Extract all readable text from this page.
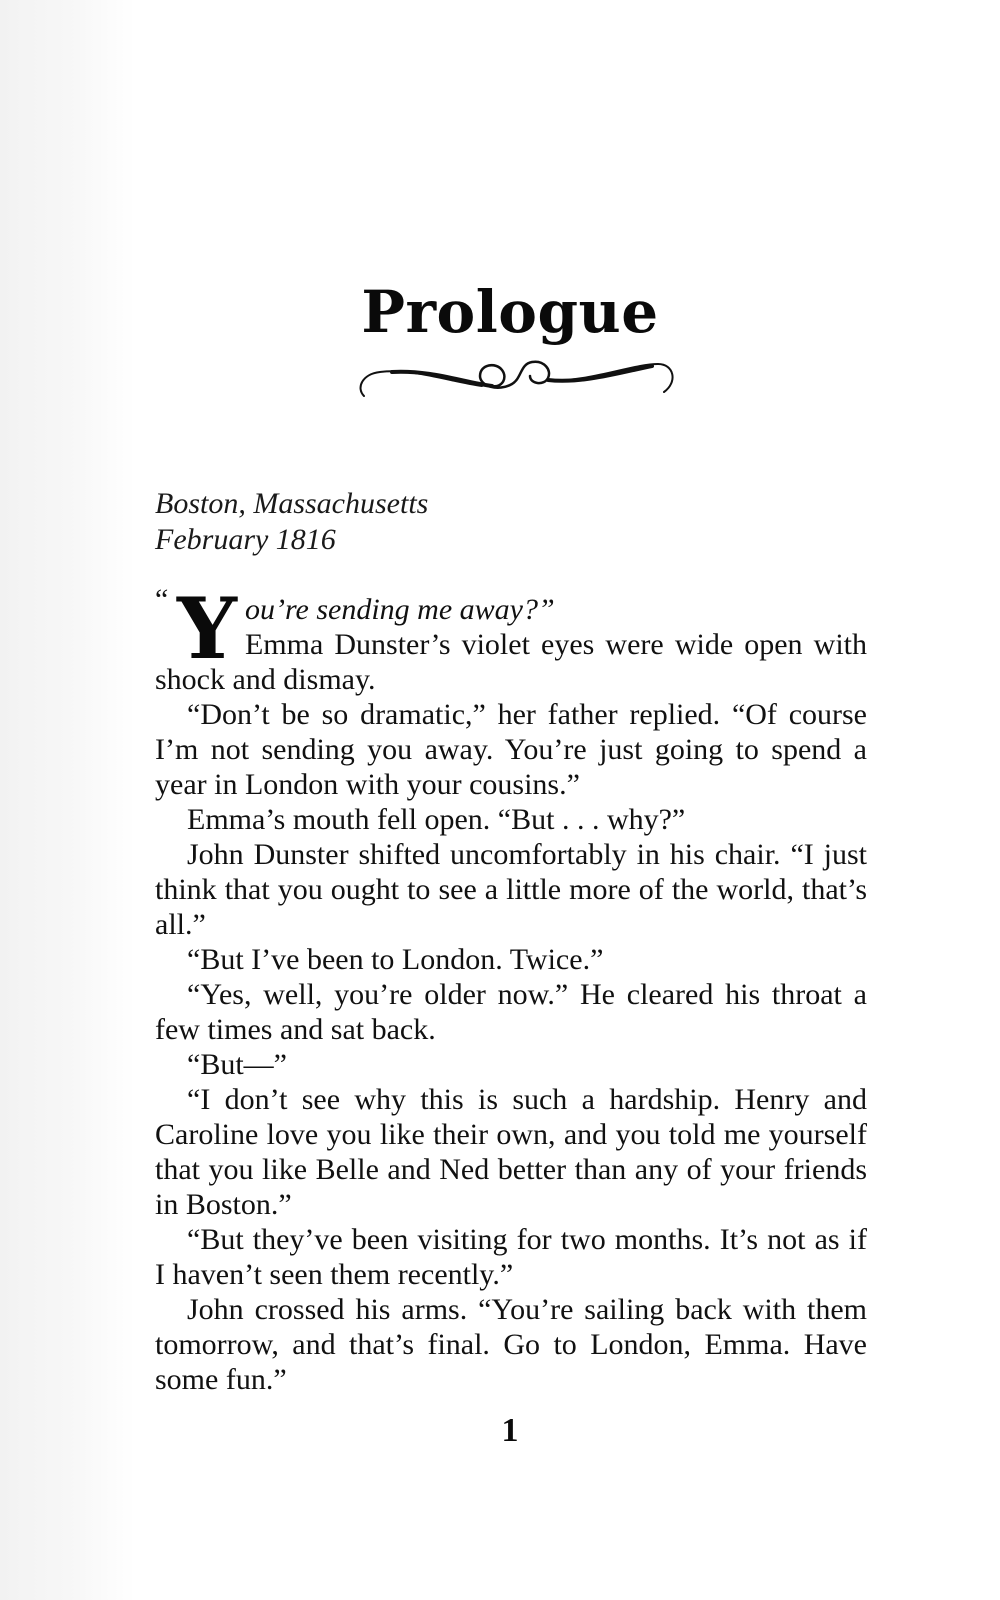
Prologue
Boston, Massachusetts
February 1816

“ Y ou’re sending me away?”
Emma Dunster’s violet eyes were wide open with shock and dismay.

“Don’t be so dramatic,” her father replied. “Of course I’m not sending you away. You’re just going to spend a year in London with your cousins.”

Emma’s mouth fell open. “But . . . why?”

John Dunster shifted uncomfortably in his chair. “I just think that you ought to see a little more of the world, that’s all.”

“But I’ve been to London. Twice.”

“Yes, well, you’re older now.” He cleared his throat a few times and sat back.

“But—”

“I don’t see why this is such a hardship. Henry and Caroline love you like their own, and you told me yourself that you like Belle and Ned better than any of your friends in Boston.”

“But they’ve been visiting for two months. It’s not as if I haven’t seen them recently.”

John crossed his arms. “You’re sailing back with them tomorrow, and that’s final. Go to London, Emma. Have some fun.”

1
